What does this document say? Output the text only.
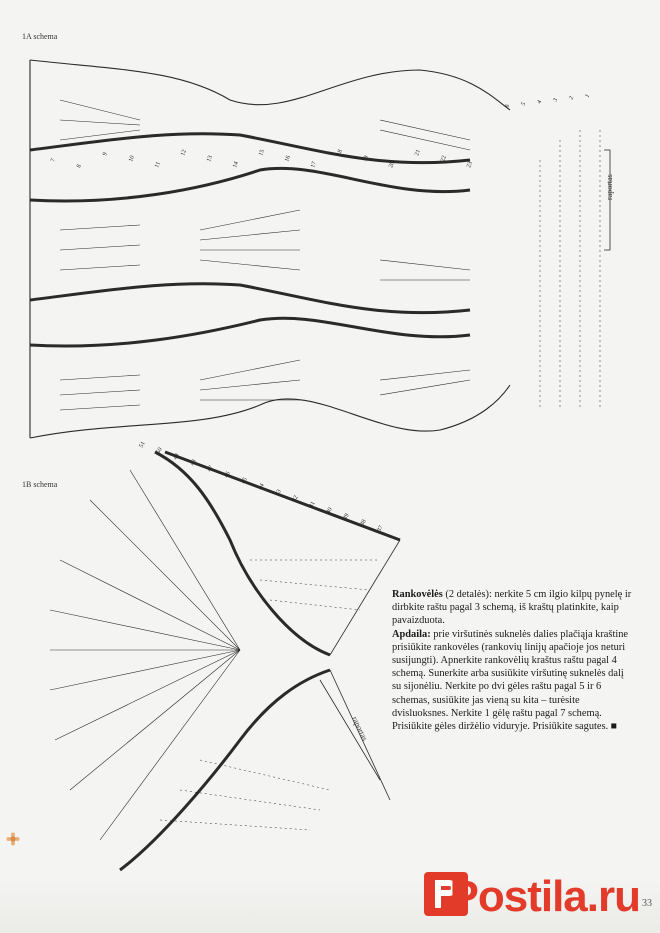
1A schema
raportas
raportas
6 5 4 3 2 1
23
22
21
20
19
18
17
16
15
14
13
12
11
10
9
8
7
51
50
49
48
47
46
45
44
43
42
41
40
39
38
37
1B schema

Rankovėlės (2 detalės): nerkite 5 cm ilgio kilpų pynelę ir dirbkite raštu pagal 3 schemą, iš kraštų platinkite, kaip pavaizduota.

Apdaila: prie viršutinės suknelės dalies plačiąja kraštine prisiūkite rankovėles (rankovių linijų apačioje jos neturi susijungti). Apnerkite rankovėlių kraštus raštu pagal 4 schemą. Sunerkite arba susiūkite viršutinę suknelės dalį su sijonėliu. Nerkite po dvi gėles raštu pagal 5 ir 6 schemas, susiūkite jas vieną su kita – turėsite dvisluoksnes. Nerkite 1 gėlę raštu pagal 7 schemą. Prisiūkite gėles diržėlio viduryje. Prisiūkite sagutes. ■

Postila.ru 33
